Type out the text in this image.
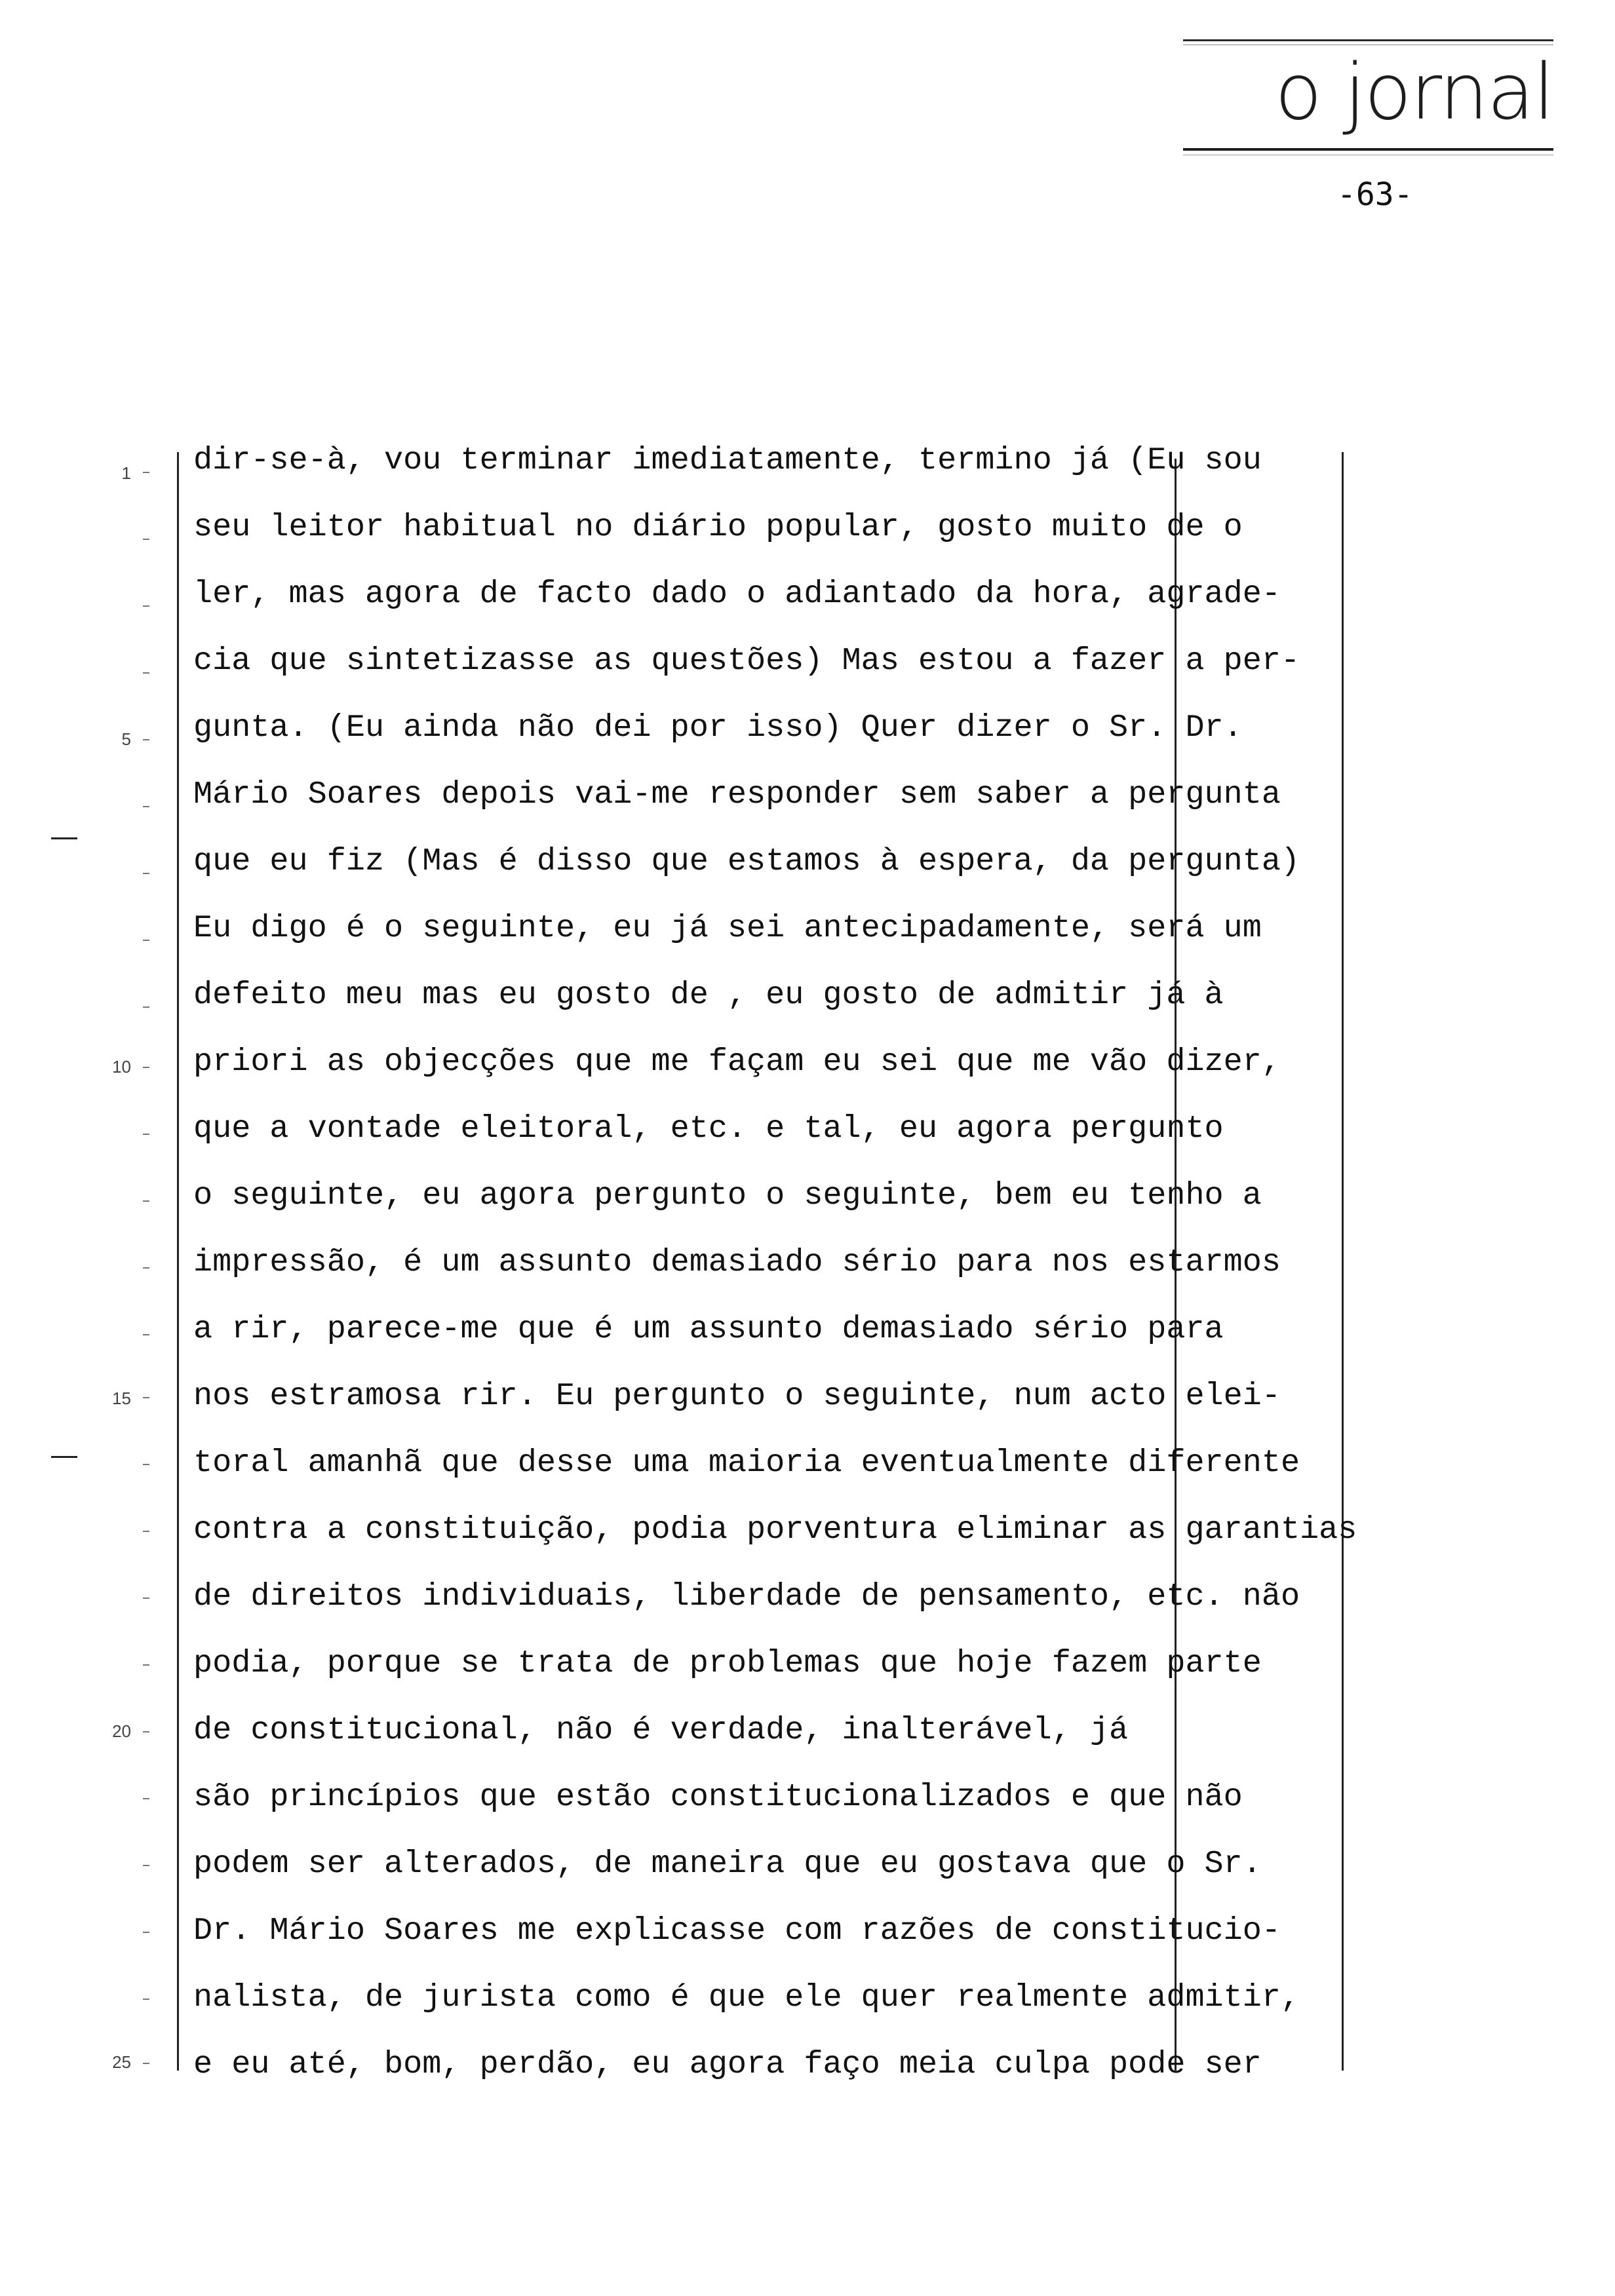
o jornal
-63-
1
5
10
15
20
25
dir-se-à, vou terminar imediatamente, termino já (Eu sou
seu leitor habitual no diário popular, gosto muito de o
ler, mas agora de facto dado o adiantado da hora, agrade-
cia que sintetizasse as questões) Mas estou a fazer a per-
gunta. (Eu ainda não dei por isso) Quer dizer o Sr. Dr.
Mário Soares depois vai-me responder sem saber a pergunta
que eu fiz (Mas é disso que estamos à espera, da pergunta)
Eu digo é o seguinte, eu já sei antecipadamente, será um
defeito meu mas eu gosto de , eu gosto de admitir já à
priori as objecções que me façam eu sei que me vão dizer,
que a vontade eleitoral, etc. e tal, eu agora pergunto
o seguinte, eu agora pergunto o seguinte, bem eu tenho a
impressão, é um assunto demasiado sério para nos estarmos
a rir, parece-me que é um assunto demasiado sério para
nos estramosa rir. Eu pergunto o seguinte, num acto elei-
toral amanhã que desse uma maioria eventualmente diferente
contra a constituição, podia porventura eliminar as garantias
de direitos individuais, liberdade de pensamento, etc. não
podia, porque se trata de problemas que hoje fazem parte
de constitucional, não é verdade, inalterável, já
são princípios que estão constitucionalizados e que não
podem ser alterados, de maneira que eu gostava que o Sr.
Dr. Mário Soares me explicasse com razões de constitucio-
nalista, de jurista como é que ele quer realmente admitir,
e eu até, bom, perdão, eu agora faço meia culpa pode ser
